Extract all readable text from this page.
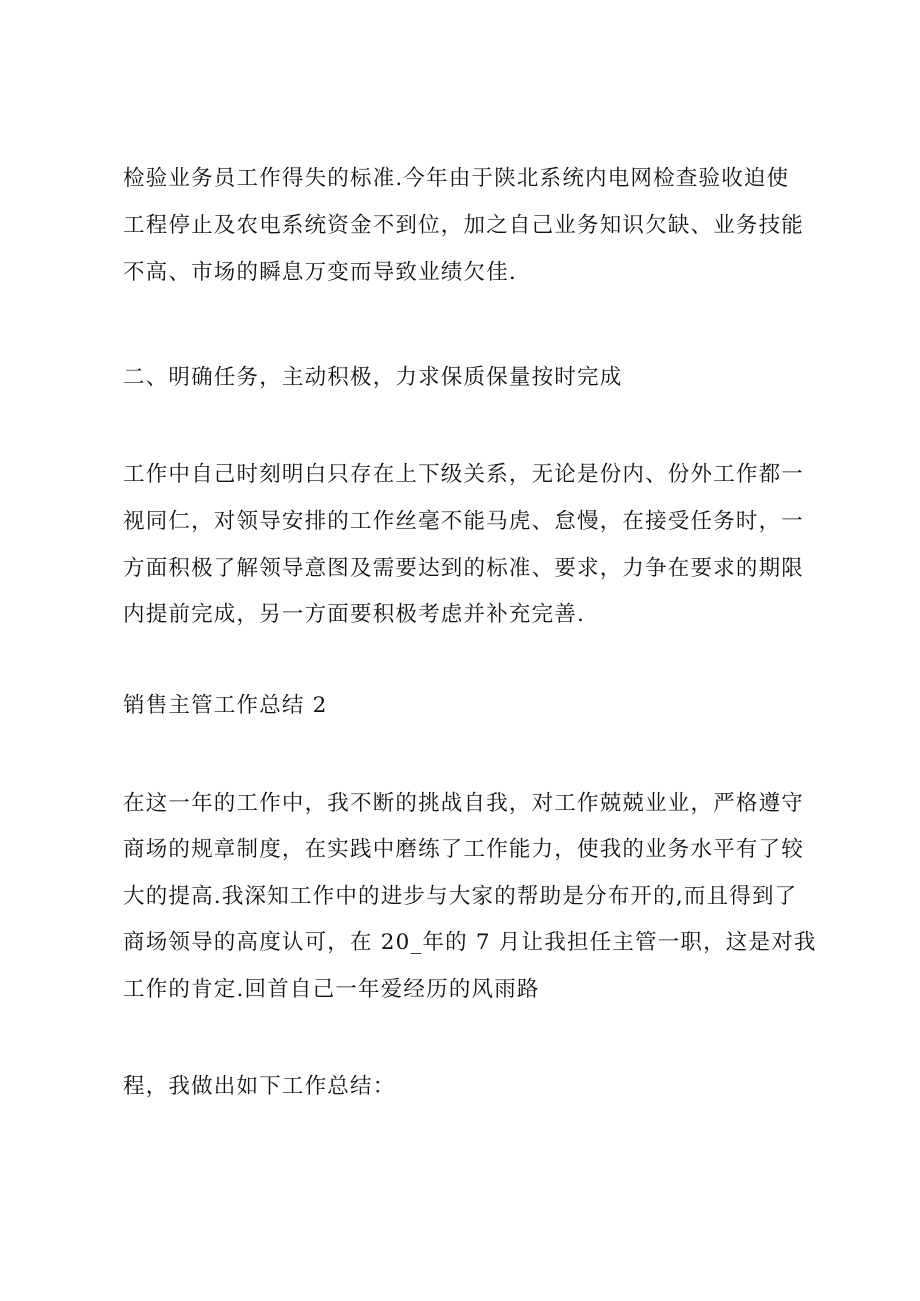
检验业务员工作得失的标准.今年由于陕北系统内电网检查验收迫使

工程停止及农电系统资金不到位，加之自己业务知识欠缺、业务技能

不高、市场的瞬息万变而导致业绩欠佳.

二、明确任务，主动积极，力求保质保量按时完成

工作中自己时刻明白只存在上下级关系，无论是份内、份外工作都一

视同仁，对领导安排的工作丝毫不能马虎、怠慢，在接受任务时，一

方面积极了解领导意图及需要达到的标准、要求，力争在要求的期限

内提前完成，另一方面要积极考虑并补充完善.

销售主管工作总结 2

在这一年的工作中，我不断的挑战自我，对工作兢兢业业，严格遵守

商场的规章制度，在实践中磨练了工作能力，使我的业务水平有了较

大的提高.我深知工作中的进步与大家的帮助是分布开的,而且得到了

商场领导的高度认可，在 20_年的 7 月让我担任主管一职，这是对我

工作的肯定.回首自己一年爱经历的风雨路

程，我做出如下工作总结：
